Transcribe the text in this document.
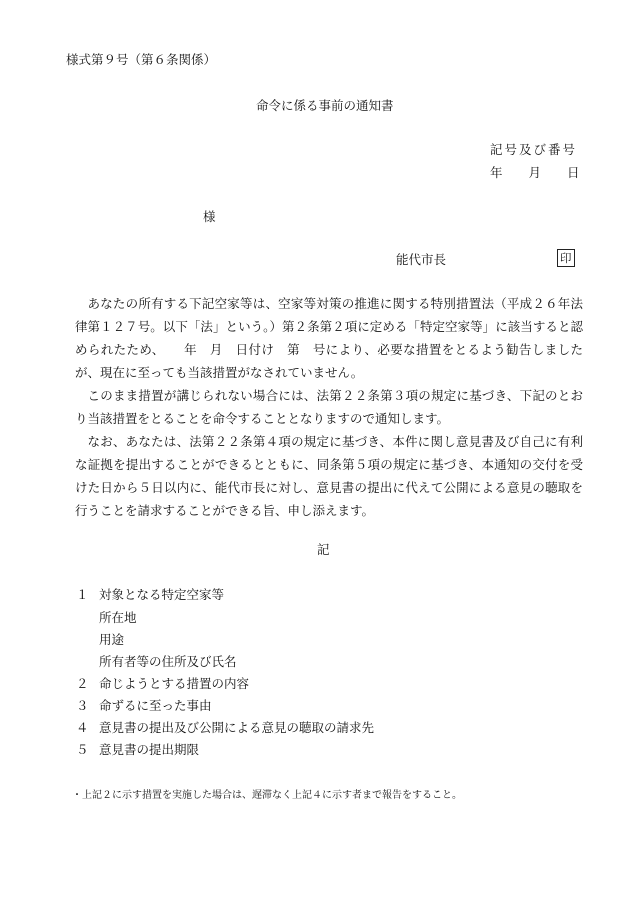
様式第９号（第６条関係）
命令に係る事前の通知書
記号及び番号
年 月 日
様
能代市長	印

あなたの所有する下記空家等は、空家等対策の推進に関する特別措置法（平成２６年法律第１２７号。以下「法」という。）第２条第２項に定める「特定空家等」に該当すると認められたため、　　年　月　日付け　第　号により、必要な措置をとるよう勧告しましたが、現在に至っても当該措置がなされていません。

このまま措置が講じられない場合には、法第２２条第３項の規定に基づき、下記のとおり当該措置をとることを命令することとなりますので通知します。

なお、あなたは、法第２２条第４項の規定に基づき、本件に関し意見書及び自己に有利な証拠を提出することができるとともに、同条第５項の規定に基づき、本通知の交付を受けた日から５日以内に、能代市長に対し、意見書の提出に代えて公開による意見の聴取を行うことを請求することができる旨、申し添えます。

記
１ 対象となる特定空家等
所在地
用途
所有者等の住所及び氏名
２ 命じようとする措置の内容
３ 命ずるに至った事由
４ 意見書の提出及び公開による意見の聴取の請求先
５ 意見書の提出期限
・上記２に示す措置を実施した場合は、遅滞なく上記４に示す者まで報告をすること。
